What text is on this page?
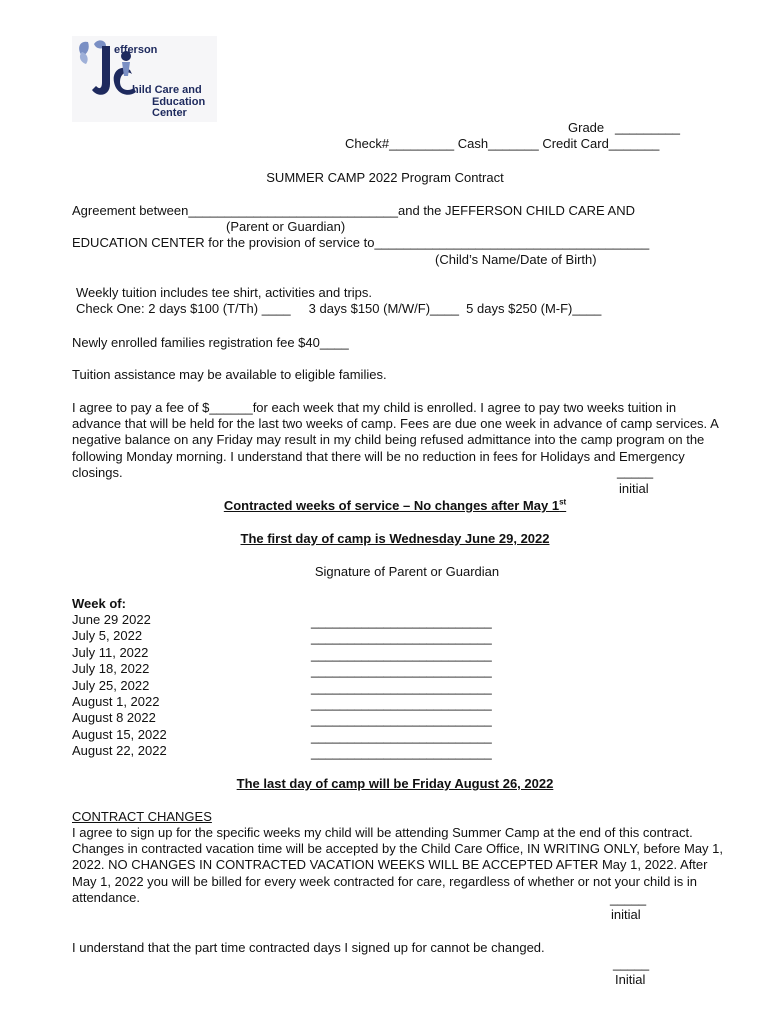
efferson
hild Care and
Education
Center
Grade   _________
Check#_________ Cash_______ Credit Card_______
SUMMER CAMP 2022 Program Contract
Agreement between_____________________________and the JEFFERSON CHILD CARE AND
(Parent or Guardian)
EDUCATION CENTER for the provision of service to______________________________________
(Child’s Name/Date of Birth)
Weekly tuition includes tee shirt, activities and trips.
Check One: 2 days $100 (T/Th) ____     3 days $150 (M/W/F)____  5 days $250 (M-F)____
Newly enrolled families registration fee $40____
Tuition assistance may be available to eligible families.
I agree to pay a fee of $______for each week that my child is enrolled. I agree to pay two weeks tuition in advance that will be held for the last two weeks of camp. Fees are due one week in advance of camp services. A negative balance on any Friday may result in my child being refused admittance into the camp program on the following Monday morning. I understand that there will be no reduction in fees for Holidays and Emergency closings.	_____
initial
Contracted weeks of service – No changes after May 1st
The first day of camp is Wednesday June 29, 2022
Signature of Parent or Guardian
Week of:
June 29 2022
July 5, 2022
July 11, 2022
July 18, 2022
July 25, 2022
August 1, 2022
August 8 2022
August 15, 2022
August 22, 2022
_________________________
_________________________
_________________________
_________________________
_________________________
_________________________
_________________________
_________________________
_________________________
The last day of camp will be Friday August 26, 2022
CONTRACT CHANGES
I agree to sign up for the specific weeks my child will be attending Summer Camp at the end of this contract. Changes in contracted vacation time will be accepted by the Child Care Office, IN WRITING ONLY, before May 1, 2022. NO CHANGES IN CONTRACTED VACATION WEEKS WILL BE ACCEPTED AFTER May 1, 2022. After May 1, 2022 you will be billed for every week contracted for care, regardless of whether or not your child is in attendance.	_____
initial
I understand that the part time contracted days I signed up for cannot be changed.
_____
Initial
